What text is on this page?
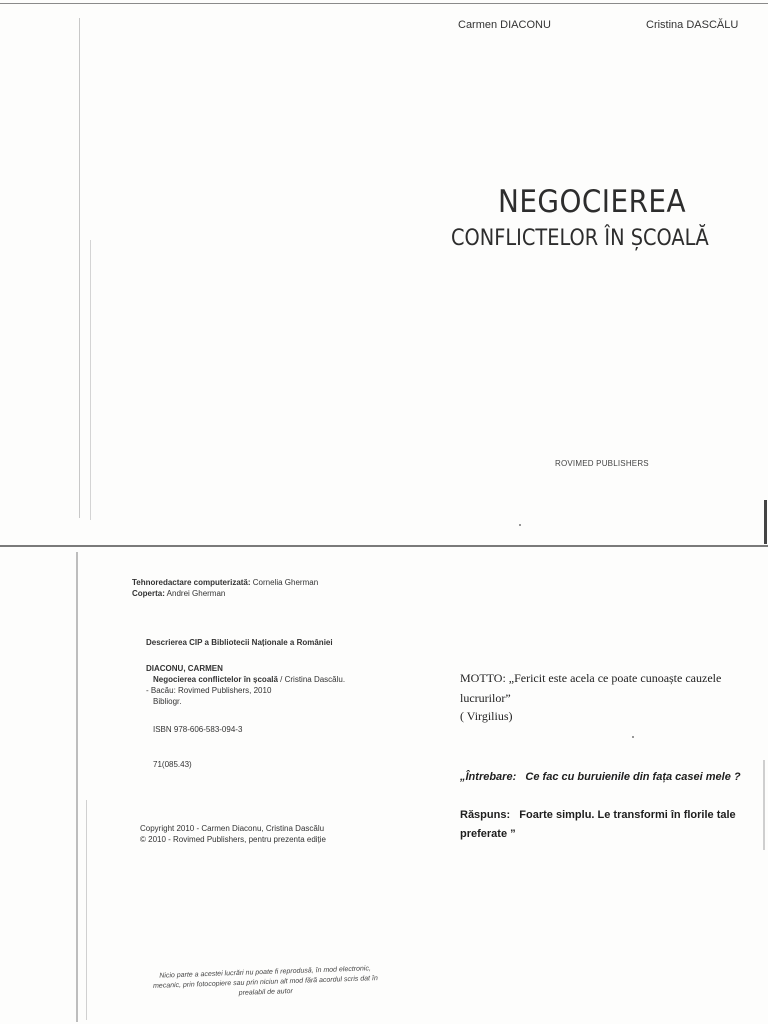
Carmen DIACONU	Cristina DASCĂLU
NEGOCIEREA
CONFLICTELOR ÎN ȘCOALĂ
ROVIMED PUBLISHERS
Tehnoredactare computerizată: Cornelia Gherman
Coperta: Andrei Gherman
Descrierea CIP a Bibliotecii Naționale a României
DIACONU, CARMEN
Negocierea conflictelor în școală / Cristina Dascălu.
- Bacău: Rovimed Publishers, 2010
Bibliogr.
ISBN 978-606-583-094-3
71(085.43)
Copyright 2010 - Carmen Diaconu, Cristina Dascălu
© 2010 - Rovimed Publishers, pentru prezenta ediție
Nicio parte a acestei lucrări nu poate fi reprodusă, în mod electronic, mecanic, prin fotocopiere sau prin niciun alt mod fără acordul scris dat în prealabil de autor
MOTTO: „Fericit este acela ce poate cunoaște cauzele lucrurilor”
( Virgilius)
„Întrebare: Ce fac cu buruienile din fața casei mele ?
Răspuns: Foarte simplu. Le transformi în florile tale preferate ”
